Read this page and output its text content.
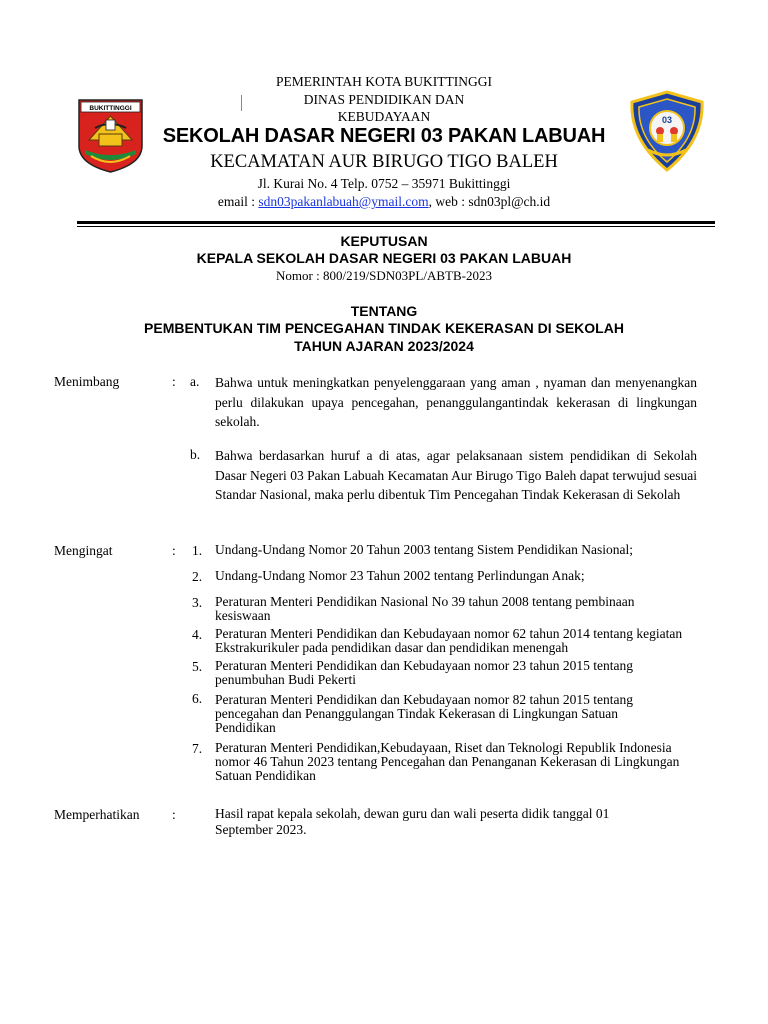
BUKITTINGGI
03
PEMERINTAH KOTA BUKITTINGGI
DINAS PENDIDIKAN DAN
KEBUDAYAAN
SEKOLAH DASAR NEGERI 03 PAKAN LABUAH
KECAMATAN AUR BIRUGO TIGO BALEH
Jl. Kurai No. 4 Telp. 0752 – 35971 Bukittinggi
email : sdn03pakanlabuah@ymail.com, web : sdn03pl@ch.id
KEPUTUSAN
KEPALA SEKOLAH DASAR NEGERI 03 PAKAN LABUAH
Nomor : 800/219/SDN03PL/ABTB-2023
TENTANG
PEMBENTUKAN TIM PENCEGAHAN TINDAK KEKERASAN DI SEKOLAH
TAHUN AJARAN 2023/2024
Menimbang	: a. Bahwa untuk meningkatkan penyelenggaraan yang aman , nyaman dan menyenangkan perlu dilakukan upaya pencegahan, penanggulangantindak kekerasan di lingkungan sekolah.
b. Bahwa berdasarkan huruf a di atas, agar pelaksanaan sistem pendidikan di Sekolah Dasar Negeri 03 Pakan Labuah Kecamatan Aur Birugo Tigo Baleh dapat terwujud sesuai Standar Nasional, maka perlu dibentuk Tim Pencegahan Tindak Kekerasan di Sekolah
Mengingat	: 1. Undang-Undang Nomor 20 Tahun 2003 tentang Sistem Pendidikan Nasional;
2. Undang-Undang Nomor 23 Tahun 2002 tentang Perlindungan Anak;
3. Peraturan Menteri Pendidikan Nasional No 39 tahun 2008 tentang pembinaan kesiswaan
4. Peraturan Menteri Pendidikan dan Kebudayaan nomor 62 tahun 2014 tentang kegiatan Ekstrakurikuler pada pendidikan dasar dan pendidikan menengah
5. Peraturan Menteri Pendidikan dan Kebudayaan nomor 23 tahun 2015 tentang penumbuhan Budi Pekerti
6. Peraturan Menteri Pendidikan dan Kebudayaan nomor 82 tahun 2015 tentang pencegahan dan Penanggulangan Tindak Kekerasan di Lingkungan Satuan Pendidikan
7. Peraturan Menteri Pendidikan,Kebudayaan, Riset dan Teknologi Republik Indonesia nomor 46 Tahun 2023 tentang Pencegahan dan Penanganan Kekerasan di Lingkungan Satuan Pendidikan
Memperhatikan :	Hasil rapat kepala sekolah, dewan guru dan wali peserta didik tanggal 01 September 2023.
